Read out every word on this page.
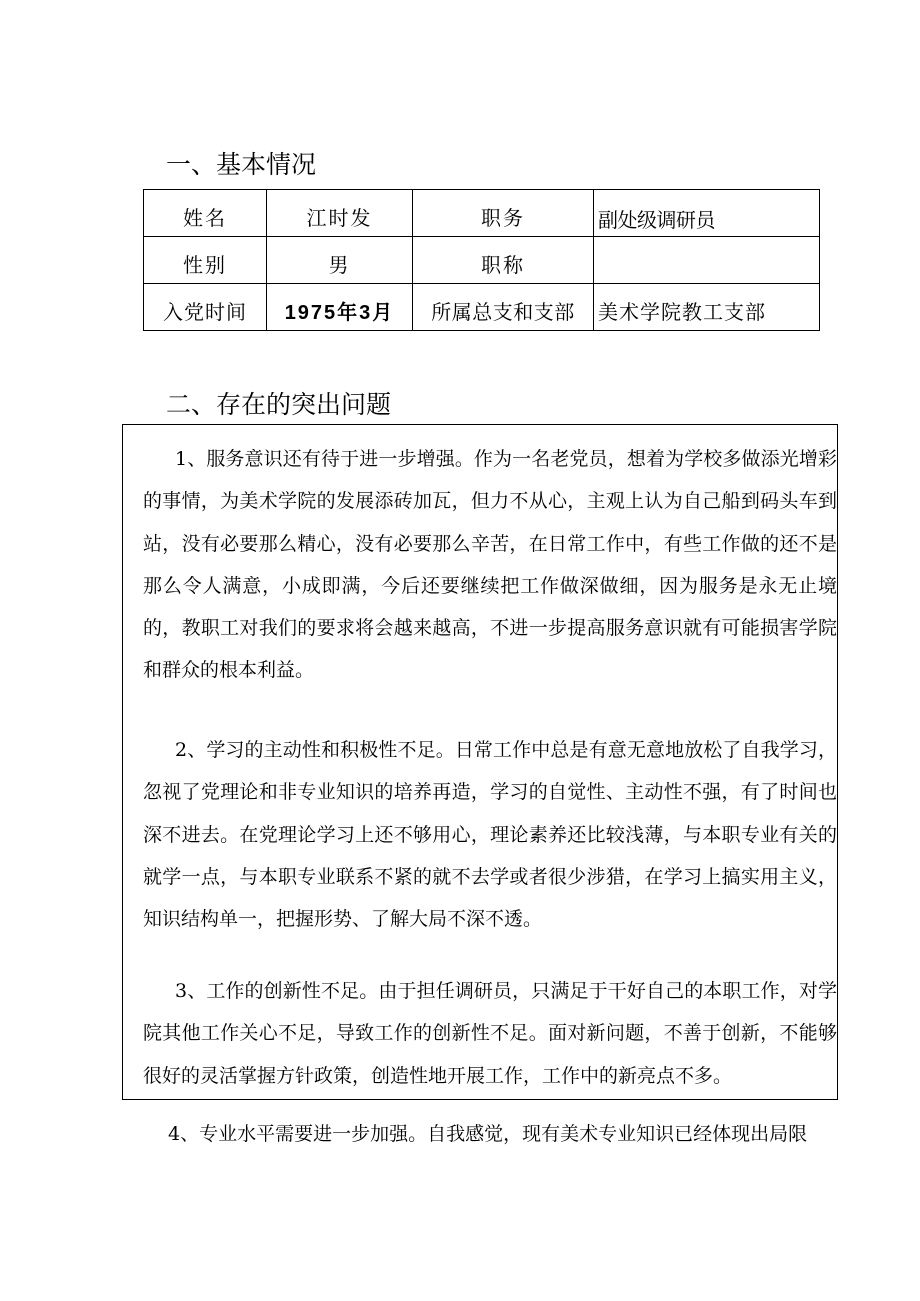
一、基本情况
姓名	江时发	职务	副处级调研员

性别	男	职称	

入党时间	1975年3月	所属总支和支部	美术学院教工支部
二、存在的突出问题

1、服务意识还有待于进一步增强。作为一名老党员，想着为学校多做添光增彩的事情，为美术学院的发展添砖加瓦，但力不从心，主观上认为自己船到码头车到站，没有必要那么精心，没有必要那么辛苦，在日常工作中，有些工作做的还不是那么令人满意，小成即满，今后还要继续把工作做深做细，因为服务是永无止境的，教职工对我们的要求将会越来越高，不进一步提高服务意识就有可能损害学院和群众的根本利益。

2、学习的主动性和积极性不足。日常工作中总是有意无意地放松了自我学习，忽视了党理论和非专业知识的培养再造，学习的自觉性、主动性不强，有了时间也深不进去。在党理论学习上还不够用心，理论素养还比较浅薄，与本职专业有关的就学一点，与本职专业联系不紧的就不去学或者很少涉猎，在学习上搞实用主义，知识结构单一，把握形势、了解大局不深不透。

3、工作的创新性不足。由于担任调研员，只满足于干好自己的本职工作，对学院其他工作关心不足，导致工作的创新性不足。面对新问题，不善于创新，不能够很好的灵活掌握方针政策，创造性地开展工作，工作中的新亮点不多。

4、专业水平需要进一步加强。自我感觉，现有美术专业知识已经体现出局限
